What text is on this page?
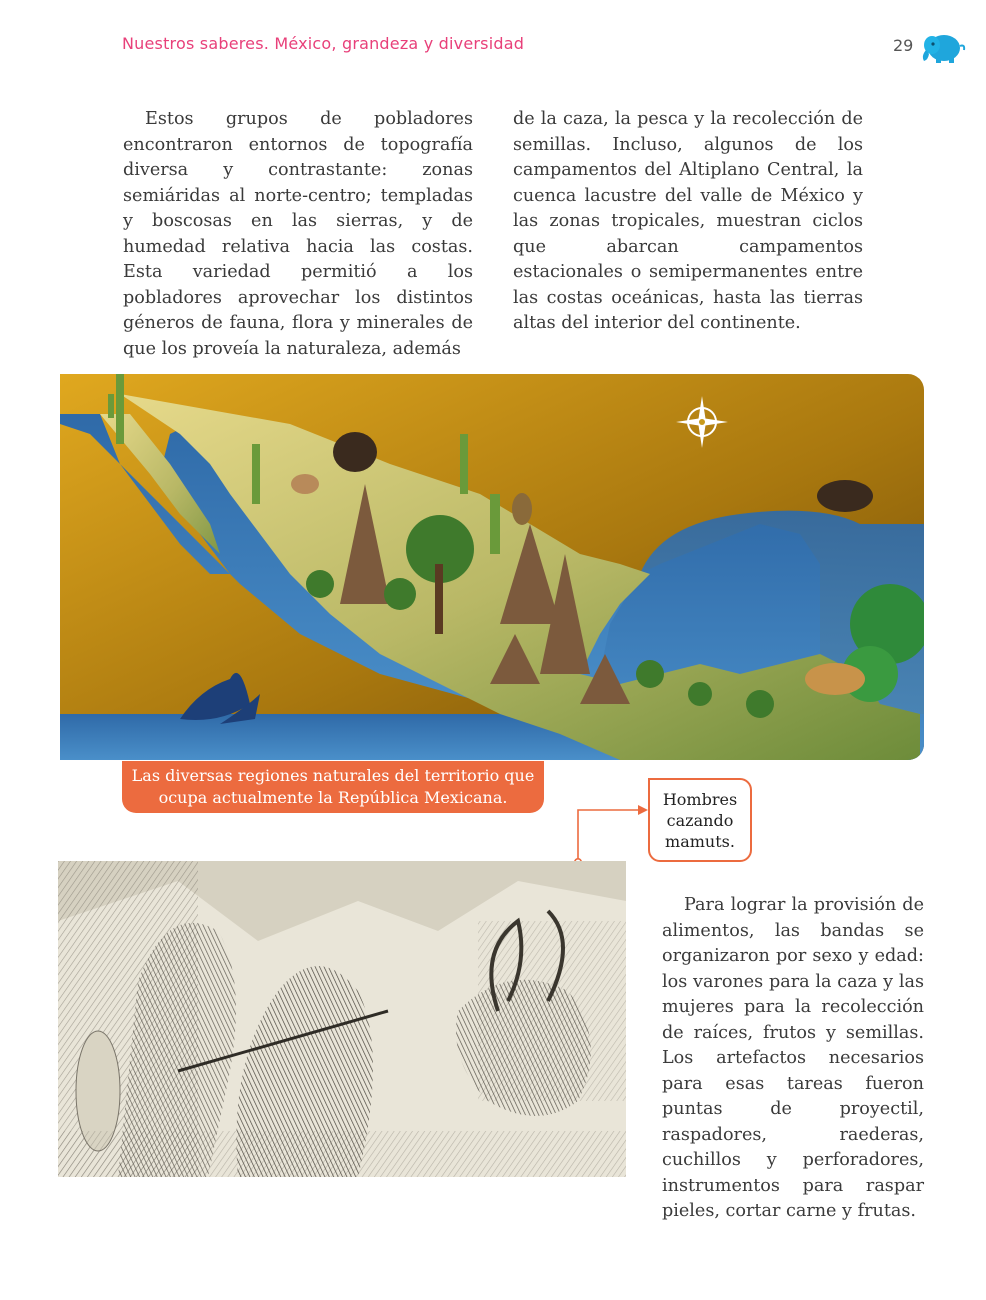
Nuestros saberes. México, grandeza y diversidad	29

Estos grupos de pobladores encontraron entornos de topografía diversa y contrastante: zonas semiáridas al norte-centro; templadas y boscosas en las sierras, y de humedad relativa hacia las costas. Esta variedad permitió a los pobladores aprovechar los distintos géneros de fauna, flora y minerales de que los proveía la naturaleza, además

de la caza, la pesca y la recolección de semillas. Incluso, algunos de los campamentos del Altiplano Central, la cuenca lacustre del valle de México y las zonas tropicales, muestran ciclos que abarcan campamentos estacionales o semipermanentes entre las costas oceánicas, hasta las tierras altas del interior del continente.

Las diversas regiones naturales del territorio que ocupa actualmente la República Mexicana.	Hombres cazando mamuts.

Para lograr la provisión de alimentos, las bandas se organizaron por sexo y edad: los varones para la caza y las mujeres para la recolección de raíces, frutos y semillas. Los artefactos necesarios para esas tareas fueron puntas de proyectil, raspadores, raederas, cuchillos y perforadores, instrumentos para raspar pieles, cortar carne y frutas.
